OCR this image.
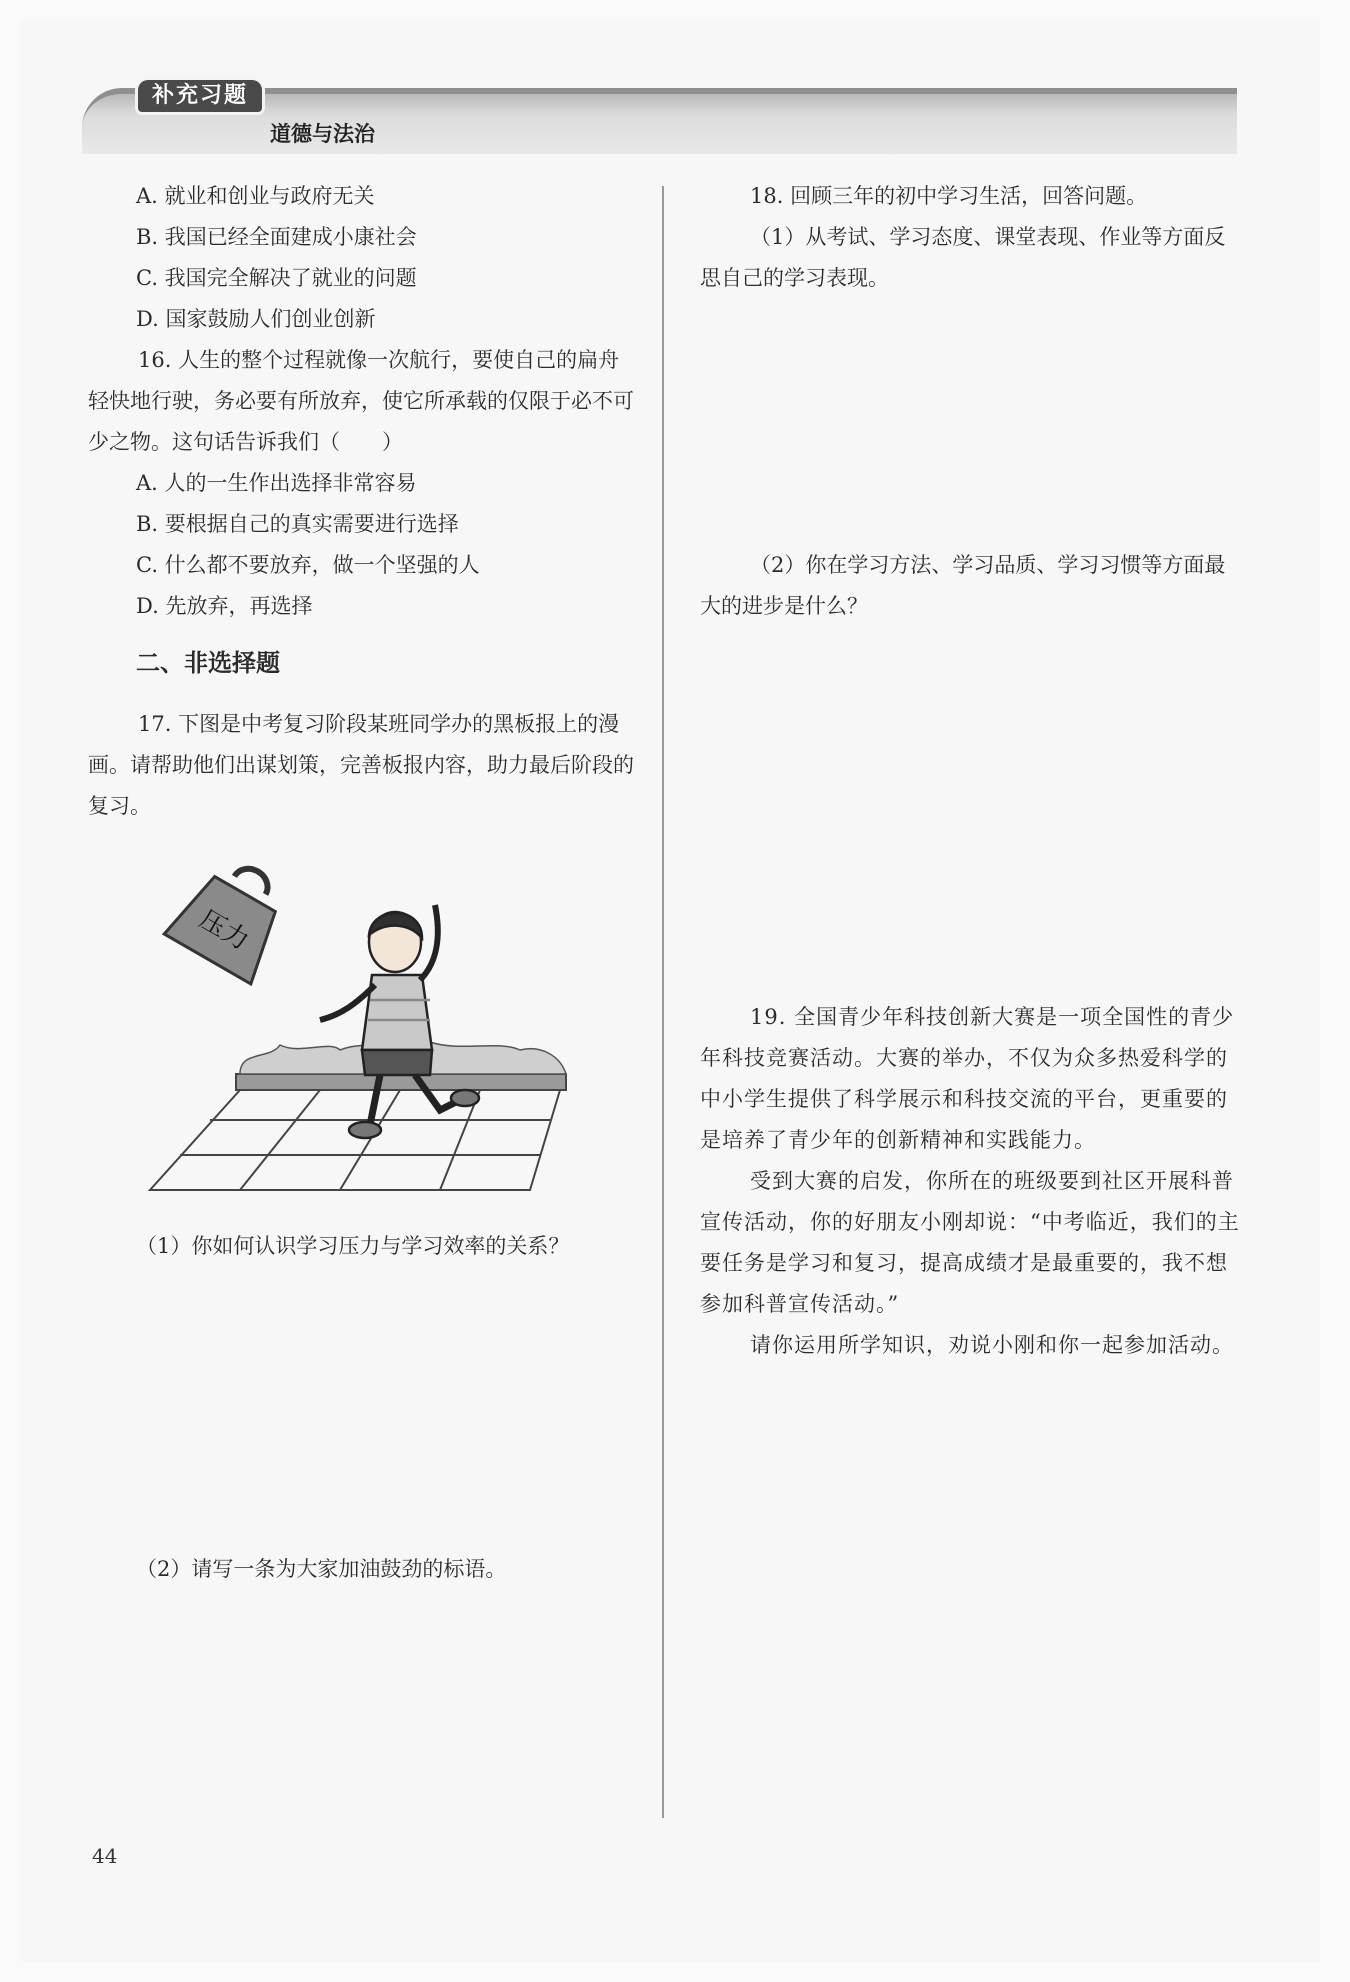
补充习题
道德与法治

A. 就业和创业与政府无关

B. 我国已经全面建成小康社会

C. 我国完全解决了就业的问题

D. 国家鼓励人们创业创新

16. 人生的整个过程就像一次航行，要使自己的扁舟轻快地行驶，务必要有所放弃，使它所承载的仅限于必不可少之物。这句话告诉我们（　　）

A. 人的一生作出选择非常容易

B. 要根据自己的真实需要进行选择

C. 什么都不要放弃，做一个坚强的人

D. 先放弃，再选择

二、非选择题

17. 下图是中考复习阶段某班同学办的黑板报上的漫画。请帮助他们出谋划策，完善板报内容，助力最后阶段的复习。

压力

（1）你如何认识学习压力与学习效率的关系？

（2）请写一条为大家加油鼓劲的标语。

18. 回顾三年的初中学习生活，回答问题。

（1）从考试、学习态度、课堂表现、作业等方面反思自己的学习表现。

（2）你在学习方法、学习品质、学习习惯等方面最大的进步是什么？

19. 全国青少年科技创新大赛是一项全国性的青少年科技竞赛活动。大赛的举办，不仅为众多热爱科学的中小学生提供了科学展示和科技交流的平台，更重要的是培养了青少年的创新精神和实践能力。

受到大赛的启发，你所在的班级要到社区开展科普宣传活动，你的好朋友小刚却说：“中考临近，我们的主要任务是学习和复习，提高成绩才是最重要的，我不想参加科普宣传活动。”

请你运用所学知识，劝说小刚和你一起参加活动。

44
